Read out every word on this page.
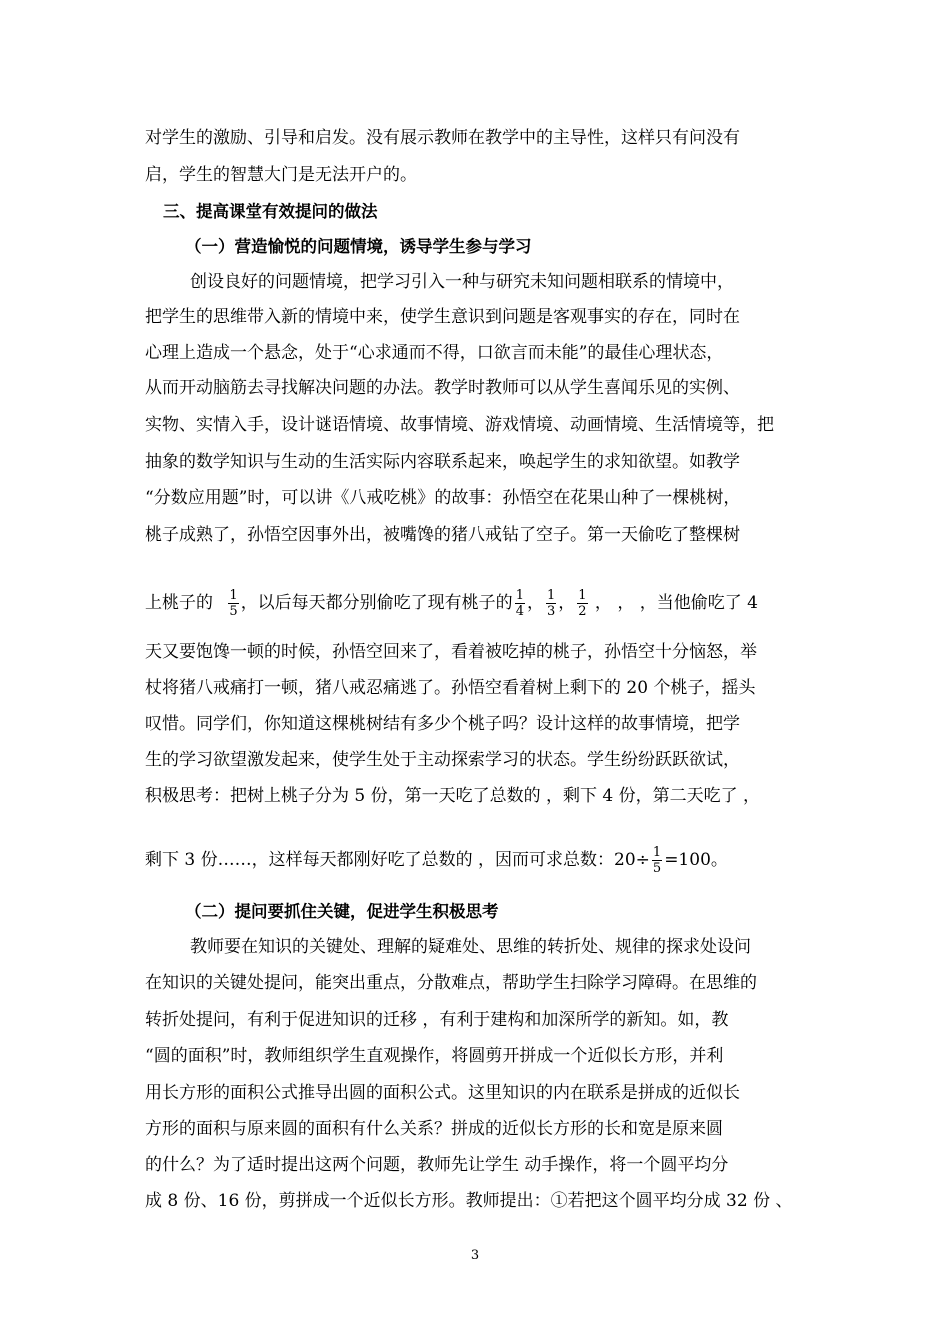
对学生的激励、引导和启发。没有展示教师在教学中的主导性，这样只有问没有

启，学生的智慧大门是无法开户的。

三、提高课堂有效提问的做法

（一）营造愉悦的问题情境，诱导学生参与学习

创设良好的问题情境，把学习引入一种与研究未知问题相联系的情境中，

把学生的思维带入新的情境中来，使学生意识到问题是客观事实的存在，同时在

心理上造成一个悬念，处于“心求通而不得，口欲言而未能”的最佳心理状态，

从而开动脑筋去寻找解决问题的办法。教学时教师可以从学生喜闻乐见的实例、

实物、实情入手，设计谜语情境、故事情境、游戏情境、动画情境、生活情境等，把

抽象的数学知识与生动的生活实际内容联系起来，唤起学生的求知欲望。如教学

“分数应用题”时，可以讲《八戒吃桃》的故事：孙悟空在花果山种了一棵桃树，

桃子成熟了，孙悟空因事外出，被嘴馋的猪八戒钻了空子。第一天偷吃了整棵树

上桃子的 $\frac{1}{5}$ ，以后每天都分别偷吃了现有桃子的 $\frac{1}{4}$ ， $\frac{1}{3}$ ， $\frac{1}{2}$ ， ， ，当他偷吃了 4

天又要饱馋一顿的时候，孙悟空回来了，看着被吃掉的桃子，孙悟空十分恼怒，举

杖将猪八戒痛打一顿，猪八戒忍痛逃了。孙悟空看着树上剩下的 20 个桃子，摇头

叹惜。同学们，你知道这棵桃树结有多少个桃子吗？设计这样的故事情境，把学

生的学习欲望激发起来，使学生处于主动探索学习的状态。学生纷纷跃跃欲试，

积极思考：把树上桃子分为 5 份，第一天吃了总数的 ，剩下 4 份，第二天吃了 ，

剩下 3 份……，这样每天都刚好吃了总数的 ，因而可求总数：$20\div \frac{1}{5} =100$。

（二）提问要抓住关键，促进学生积极思考

教师要在知识的关键处、理解的疑难处、思维的转折处、规律的探求处设问

在知识的关键处提问，能突出重点，分散难点，帮助学生扫除学习障碍。在思维的

转折处提问，有利于促进知识的迁移 ，有利于建构和加深所学的新知。如，教

“圆的面积”时，教师组织学生直观操作，将圆剪开拼成一个近似长方形，并利

用长方形的面积公式推导出圆的面积公式。这里知识的内在联系是拼成的近似长

方形的面积与原来圆的面积有什么关系？拼成的近似长方形的长和宽是原来圆

的什么？为了适时提出这两个问题，教师先让学生 动手操作，将一个圆平均分

成 8 份、16 份，剪拼成一个近似长方形。教师提出：①若把这个圆平均分成 32 份 、

3
